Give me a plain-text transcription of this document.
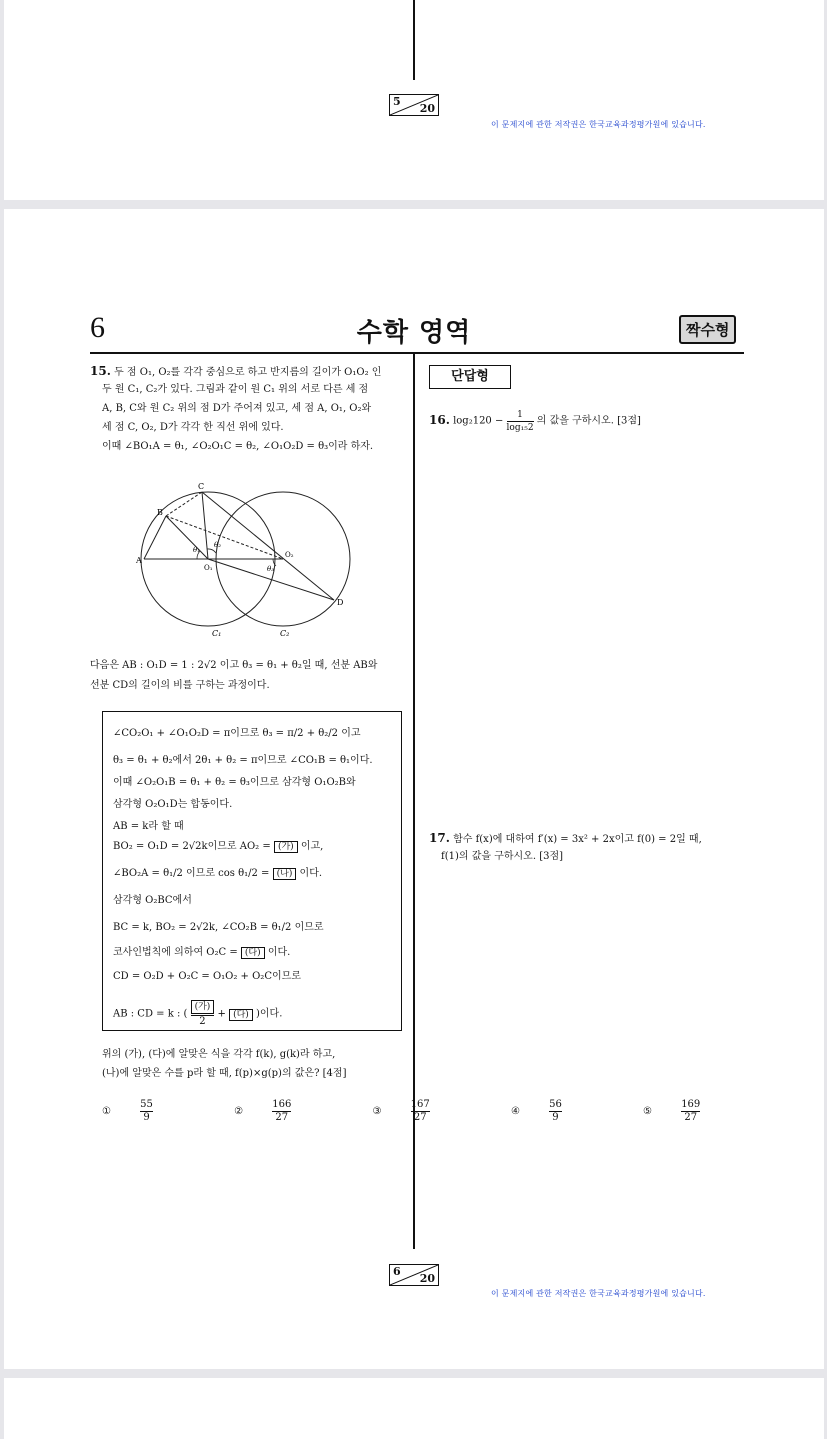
5
20
이 문제지에 관한 저작권은 한국교육과정평가원에 있습니다.
6	수학 영역	짝수형
15. 두 점 O₁, O₂를 각각 중심으로 하고 반지름의 길이가 O₁O₂ 인
두 원 C₁, C₂가 있다. 그림과 같이 원 C₁ 위의 서로 다른 세 점
A, B, C와 원 C₂ 위의 점 D가 주어져 있고, 세 점 A, O₁, O₂와
세 점 C, O₂, D가 각각 한 직선 위에 있다.
이때 ∠BO₁A = θ₁, ∠O₂O₁C = θ₂, ∠O₁O₂D = θ₃이라 하자.
C
B
A
θ₁
θ₂
O₁
O₂
θ₃
D
C₁	C₂
다음은 AB : O₁D = 1 : 2√2 이고 θ₃ = θ₁ + θ₂일 때, 선분 AB와
선분 CD의 길이의 비를 구하는 과정이다.
∠CO₂O₁ + ∠O₁O₂D = π이므로 θ₃ = π/2 + θ₂/2 이고
θ₃ = θ₁ + θ₂에서 2θ₁ + θ₂ = π이므로 ∠CO₁B = θ₁이다.
이때 ∠O₂O₁B = θ₁ + θ₂ = θ₃이므로 삼각형 O₁O₂B와
삼각형 O₂O₁D는 합동이다.
AB = k라 할 때
BO₂ = O₁D = 2√2k이므로 AO₂ = (가) 이고,
∠BO₂A = θ₁/2 이므로 cos θ₁/2 = (나) 이다.
삼각형 O₂BC에서
BC = k, BO₂ = 2√2k, ∠CO₂B = θ₁/2 이므로
코사인법칙에 의하여 O₂C = (다) 이다.
CD = O₂D + O₂C = O₁O₂ + O₂C이므로
AB : CD = k : (
(가)
2
+ (다) )이다.
위의 (가), (다)에 알맞은 식을 각각 f(k), g(k)라 하고,
(나)에 알맞은 수를 p라 할 때, f(p)×g(p)의 값은? [4점]
①	$\frac{55}{9}$	②	$\frac{166}{27}$	③	$\frac{167}{27}$	④	$\frac{56}{9}$	⑤	$\frac{169}{27}$
단답형
16. $\log_2120 - \frac{1}{\text{log₁₅2}}$ 의 값을 구하시오. [3점]
17. 함수 f(x)에 대하여 f′(x) = 3x² + 2x이고 f(0) = 2일 때,
f(1)의 값을 구하시오. [3점]
6
20
이 문제지에 관한 저작권은 한국교육과정평가원에 있습니다.
